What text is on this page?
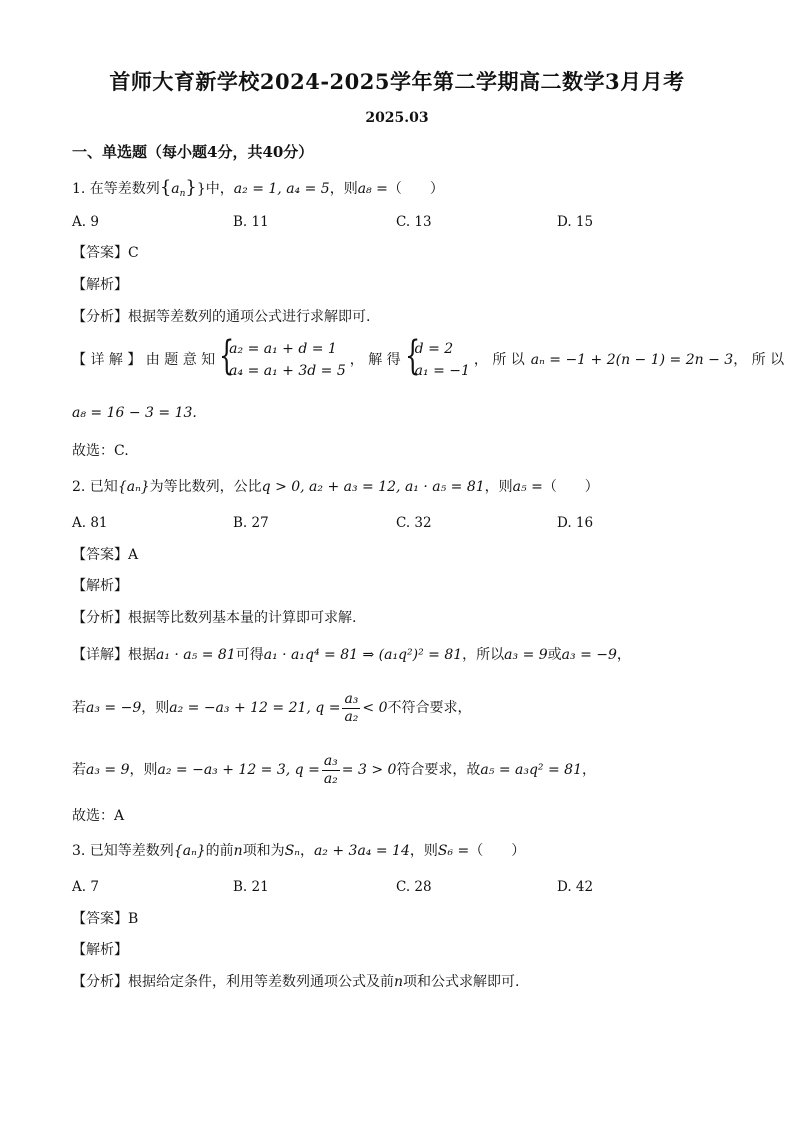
首师大育新学校2024-2025学年第二学期高二数学3月月考
2025.03
一、单选题（每小题4分，共40分）
1. 在等差数列$\{a_n\}$}中，a₂ = 1, a₄ = 5，则a₈ =（　　）
A. 9	B. 11	C. 13	D. 15
【答案】C
【解析】
【分析】根据等差数列的通项公式进行求解即可.
【 详 解 】 由 题 意 知 {
a₂ = a₁ + d = 1
a₄ = a₁ + 3d = 5
， 解 得 {
d = 2
a₁ = −1
， 所 以 aₙ = −1 + 2(n − 1) = 2n − 3， 所 以
a₈ = 16 − 3 = 13.
故选：C.
2. 已知{aₙ}为等比数列，公比q > 0, a₂ + a₃ = 12, a₁ · a₅ = 81，则a₅ =（　　）
A. 81	B. 27	C. 32	D. 16
【答案】A
【解析】
【分析】根据等比数列基本量的计算即可求解.
【详解】根据a₁ · a₅ = 81可得a₁ · a₁q⁴ = 81 ⇒ (a₁q²)² = 81，所以a₃ = 9或a₃ = −9，
若a₃ = −9，则a₂ = −a₃ + 12 = 21, $q = \frac{\text{a₃}}{\text{a₂}} < 0$不符合要求，
若a₃ = 9，则a₂ = −a₃ + 12 = 3, $q = \frac{\text{a₃}}{\text{a₂}} = 3 > 0$符合要求，故a₅ = a₃q² = 81，
故选：A
3. 已知等差数列{aₙ}的前n项和为Sₙ，a₂ + 3a₄ = 14，则S₆ =（　　）
A. 7	B. 21	C. 28	D. 42
【答案】B
【解析】
【分析】根据给定条件，利用等差数列通项公式及前n项和公式求解即可.
